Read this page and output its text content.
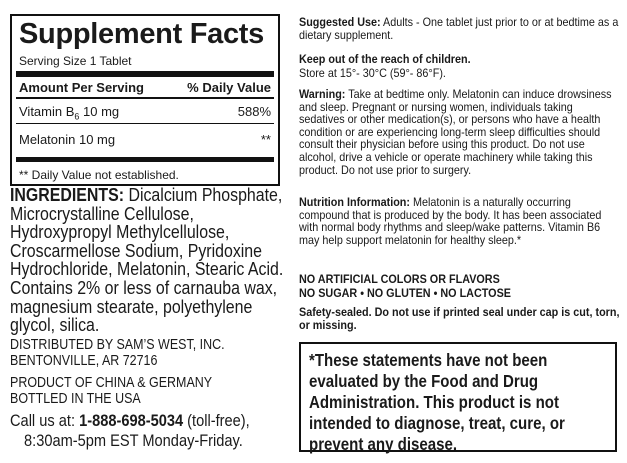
Supplement Facts
Serving Size 1 Tablet
Amount Per Serving	% Daily Value
Vitamin $B_6$ 10 mg	588%
Melatonin 10 mg	**
** Daily Value not established.
INGREDIENTS: Dicalcium Phosphate, Microcrystalline Cellulose, Hydroxypropyl Methylcellulose, Croscarmellose Sodium, Pyridoxine Hydrochloride, Melatonin, Stearic Acid. Contains 2% or less of carnauba wax, magnesium stearate, polyethylene glycol, silica.
DISTRIBUTED BY SAM’S WEST, INC.
BENTONVILLE, AR 72716
PRODUCT OF CHINA & GERMANY
BOTTLED IN THE USA
Call us at: 1-888-698-5034 (toll-free),
8:30am-5pm EST Monday-Friday.
Suggested Use: Adults - One tablet just prior to or at bedtime as a dietary supplement.
Keep out of the reach of children.
Store at 15°- 30°C (59°- 86°F).
Warning: Take at bedtime only. Melatonin can induce drowsiness and sleep. Pregnant or nursing women, individuals taking sedatives or other medication(s), or persons who have a health condition or are experiencing long-term sleep difficulties should consult their physician before using this product. Do not use alcohol, drive a vehicle or operate machinery while taking this product. Do not use prior to surgery.
Nutrition Information: Melatonin is a naturally occurring compound that is produced by the body. It has been associated with normal body rhythms and sleep/wake patterns. Vitamin B6 may help support melatonin for healthy sleep.*
NO ARTIFICIAL COLORS OR FLAVORS
NO SUGAR • NO GLUTEN • NO LACTOSE
Safety-sealed. Do not use if printed seal under cap is cut, torn, or missing.
*These statements have not been evaluated by the Food and Drug Administration. This product is not intended to diagnose, treat, cure, or prevent any disease.
